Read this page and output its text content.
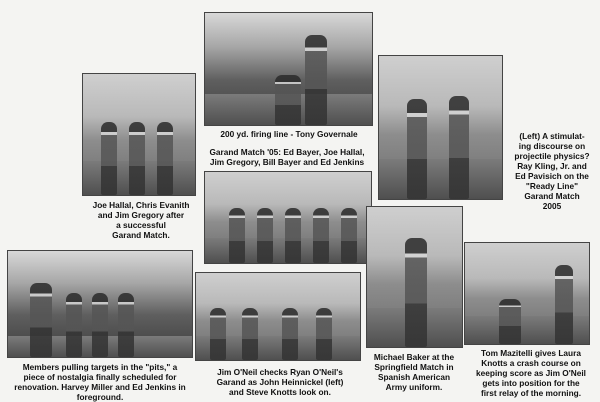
200 yd. firing line - Tony Governale

Garand Match '05: Ed Bayer, Joe Hallal,
Jim Gregory, Bill Bayer and Ed Jenkins

(Left) A stimulat-
ing discourse on
projectile physics?
Ray Kling, Jr. and
Ed Pavisich on the
"Ready Line"
Garand Match
2005

Joe Hallal, Chris Evanith
and Jim Gregory after
a successful
Garand Match.

Members pulling targets in the "pits," a
piece of nostalgia finally scheduled for
renovation. Harvey Miller and Ed Jenkins in
foreground.

Jim O'Neil checks Ryan O'Neil's
Garand as John Heinnickel (left)
and Steve Knotts look on.

Michael Baker at the
Springfield Match in
Spanish American
Army uniform.

Tom Mazitelli gives Laura
Knotts a crash course on
keeping score as Jim O'Neil
gets into position for the
first relay of the morning.
